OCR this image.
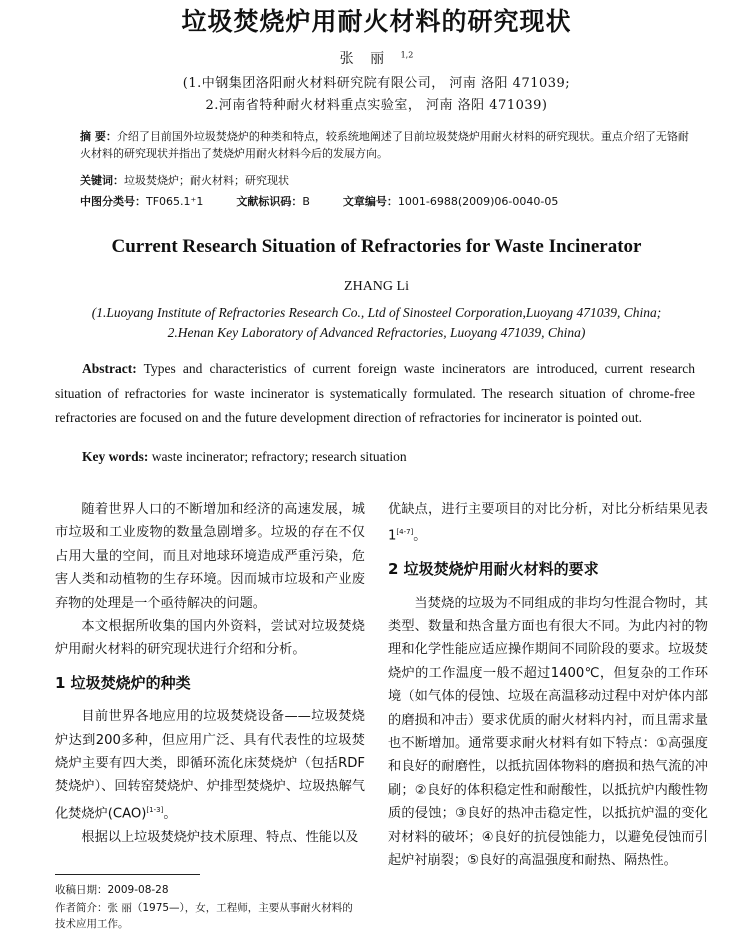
垃圾焚烧炉用耐火材料的研究现状
张 丽 $^{1,2}$
(1.中钢集团洛阳耐火材料研究院有限公司， 河南 洛阳 471039;
2.河南省特种耐火材料重点实验室， 河南 洛阳 471039)
摘 要：介绍了目前国外垃圾焚烧炉的种类和特点，较系统地阐述了目前垃圾焚烧炉用耐火材料的研究现状。重点介绍了无铬耐火材料的研究现状并指出了焚烧炉用耐火材料今后的发展方向。
关键词：垃圾焚烧炉；耐火材料；研究现状
中图分类号：TF065.1⁺1	文献标识码：B	文章编号：1001-6988(2009)06-0040-05
Current Research Situation of Refractories for Waste Incinerator
ZHANG Li
(1.Luoyang Institute of Refractories Research Co., Ltd of Sinosteel Corporation,Luoyang 471039, China;
2.Henan Key Laboratory of Advanced Refractories, Luoyang 471039, China)
Abstract: Types and characteristics of current foreign waste incinerators are introduced, current research situation of refractories for waste incinerator is systematically formulated. The research situation of chrome-free refractories are focused on and the future development direction of refractories for incinerator is pointed out.
Key words: waste incinerator; refractory; research situation

随着世界人口的不断增加和经济的高速发展，城市垃圾和工业废物的数量急剧增多。垃圾的存在不仅占用大量的空间，而且对地球环境造成严重污染，危害人类和动植物的生存环境。因而城市垃圾和产业废弃物的处理是一个亟待解决的问题。

本文根据所收集的国内外资料，尝试对垃圾焚烧炉用耐火材料的研究现状进行介绍和分析。

1 垃圾焚烧炉的种类

目前世界各地应用的垃圾焚烧设备——垃圾焚烧炉达到200多种，但应用广泛、具有代表性的垃圾焚烧炉主要有四大类，即循环流化床焚烧炉（包括RDF焚烧炉）、回转窑焚烧炉、炉排型焚烧炉、垃圾热解气化焚烧炉(CAO)[1-3]。

根据以上垃圾焚烧炉技术原理、特点、性能以及

优缺点，进行主要项目的对比分析，对比分析结果见表1[4-7]。

2 垃圾焚烧炉用耐火材料的要求

当焚烧的垃圾为不同组成的非均匀性混合物时，其类型、数量和热含量方面也有很大不同。为此内衬的物理和化学性能应适应操作期间不同阶段的要求。垃圾焚烧炉的工作温度一般不超过1400℃，但复杂的工作环境（如气体的侵蚀、垃圾在高温移动过程中对炉体内部的磨损和冲击）要求优质的耐火材料内衬，而且需求量也不断增加。通常要求耐火材料有如下特点：①高强度和良好的耐磨性，以抵抗固体物料的磨损和热气流的冲刷；②良好的体积稳定性和耐酸性，以抵抗炉内酸性物质的侵蚀；③良好的热冲击稳定性，以抵抗炉温的变化对材料的破坏；④良好的抗侵蚀能力，以避免侵蚀而引起炉衬崩裂；⑤良好的高温强度和耐热、隔热性。

收稿日期：2009-08-28
作者简介：张 丽（1975—），女，工程师，主要从事耐火材料的技术应用工作。
